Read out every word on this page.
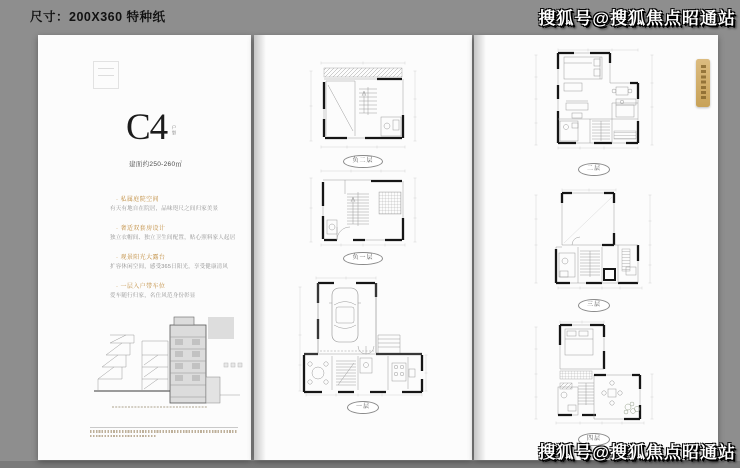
尺寸：200X360 特种纸	搜狐号@搜狐焦点昭通站
C4 户型
建面约250-260㎡
· 私属庭院空间
有天有地自在院居，品味咫尺之间归家美景
· 奢适双套房设计
独立衣帽间、独立卫生间配置，贴心照料家人起居
· 观景阳光大露台
扩容休闲空间，感受365日阳光，享受健康清风
· 一层入户带车位
爱车随行归家，名仕风范身份彰显
负二层
负一层
一层
二层
三层
四层
搜狐号@搜狐焦点昭通站
